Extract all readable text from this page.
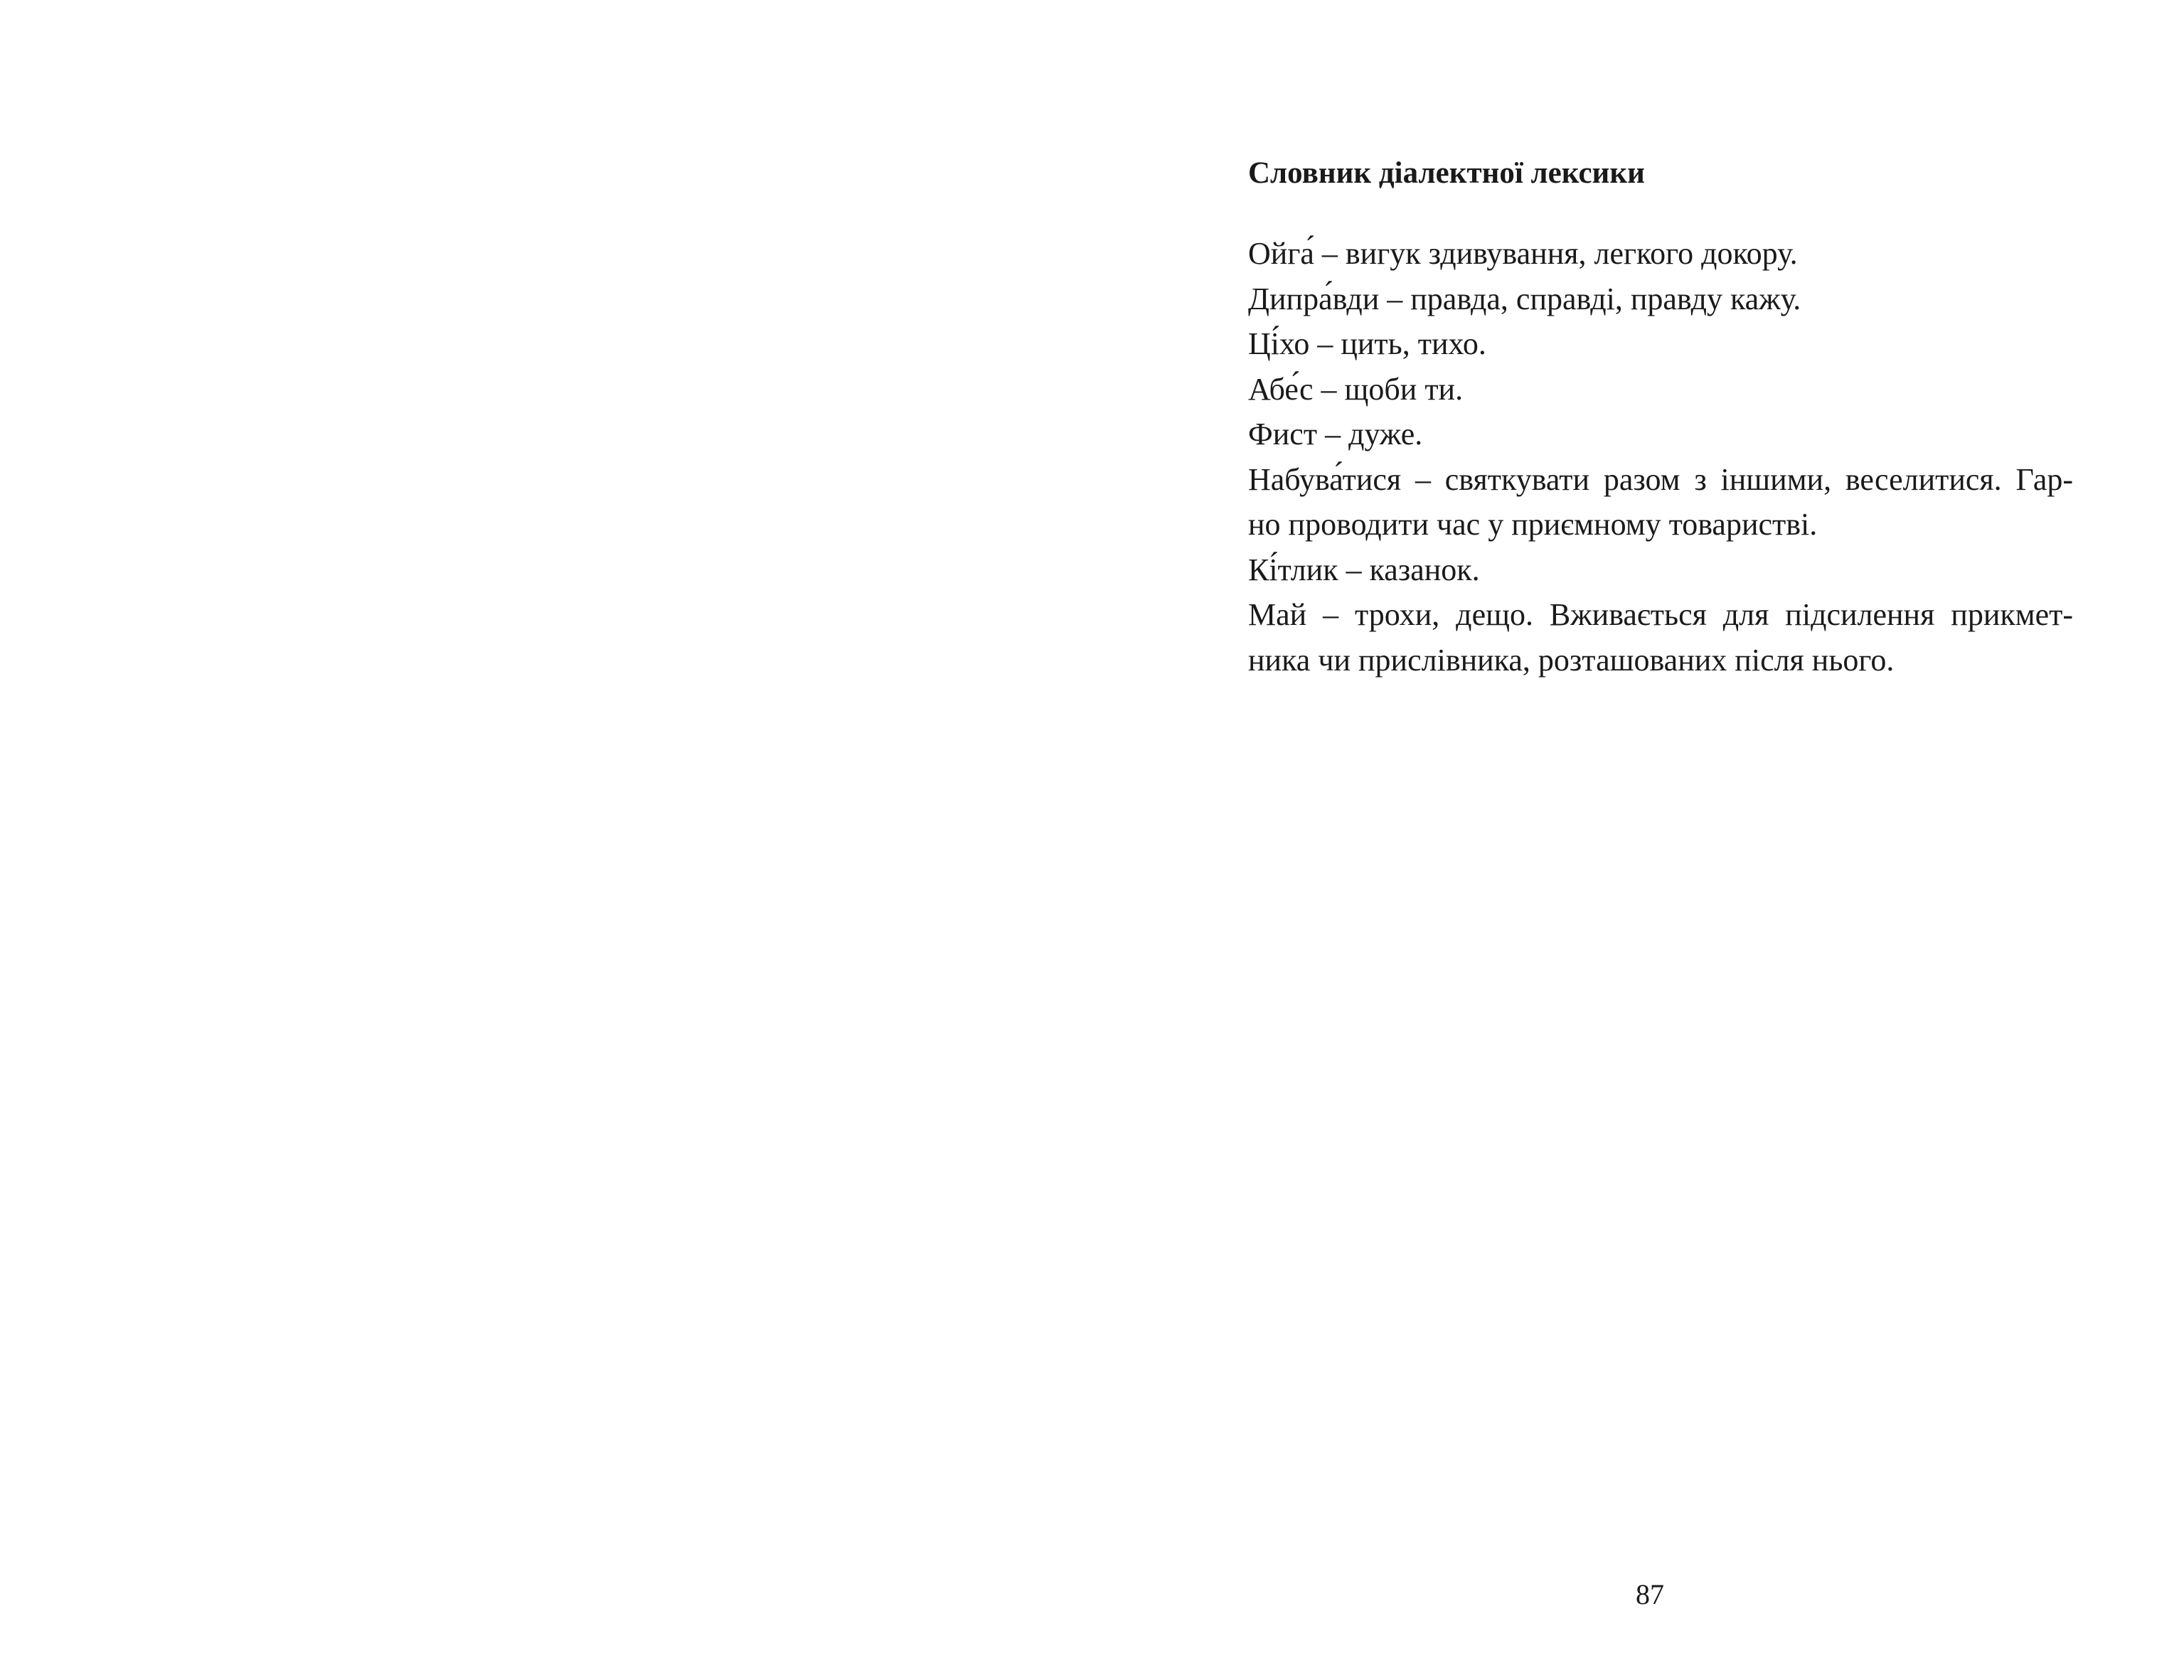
Словник діалектної лексики

Ойга́ – вигук здивування, легкого докору.

Дипра́вди – правда, справді, правду кажу.

Ці́хо – цить, тихо.

Абе́с – щоби ти.

Фист – дуже.

Набува́тися – святкувати разом з іншими, веселитися. Гар-

но проводити час у приємному товаристві.

Кі́тлик – казанок.

Май – трохи, дещо. Вживається для підсилення прикмет-

ника чи прислівника, розташованих після нього.

87
